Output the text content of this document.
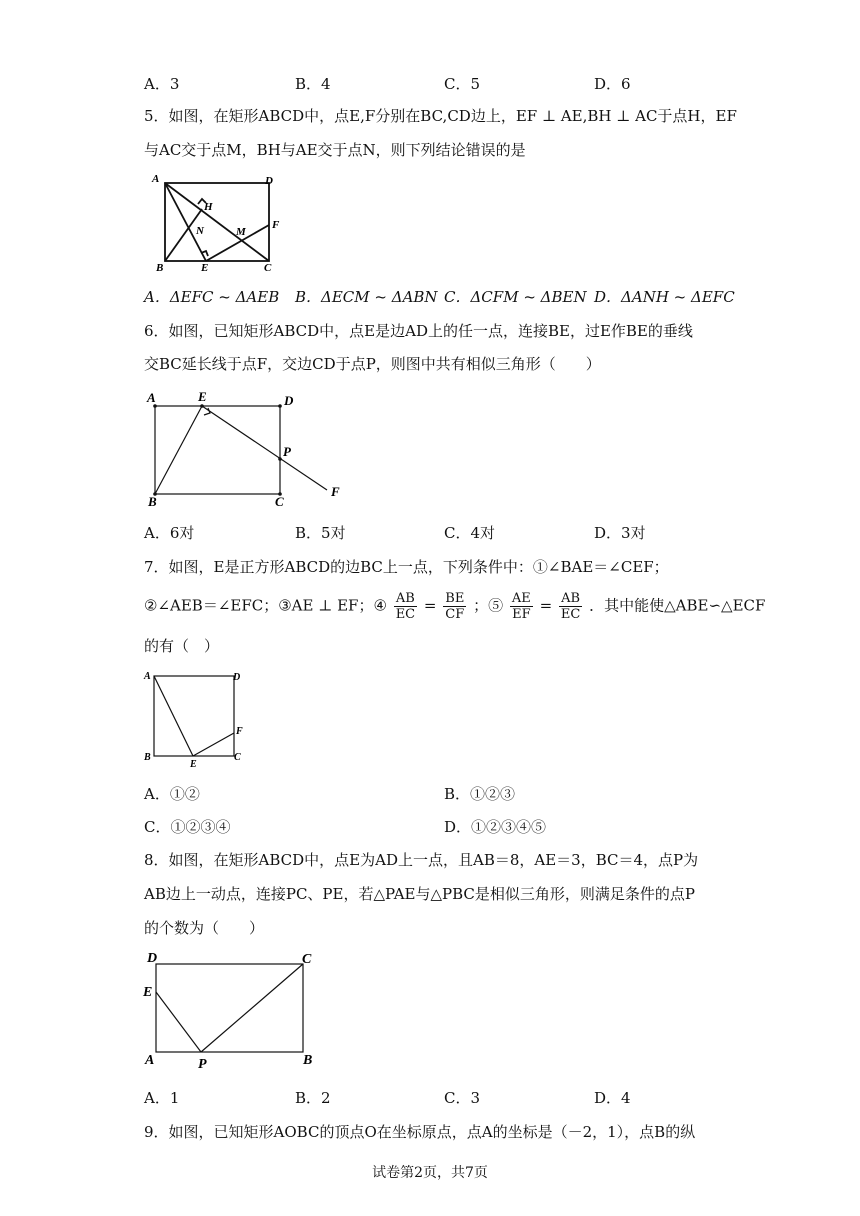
A．3	B．4	C．5	D．6
5．如图，在矩形ABCD中，点E,F分别在BC,CD边上，EF ⊥ AE,BH ⊥ AC于点H，EF
与AC交于点M，BH与AE交于点N，则下列结论错误的是
A	D
H
F
N	M
B	E	C
A．ΔEFC ~ ΔAEB B．ΔECM ~ ΔABN C．ΔCFM ~ ΔBEN D．ΔANH ~ ΔEFC
6．如图，已知矩形ABCD中，点E是边AD上的任一点，连接BE，过E作BE的垂线
交BC延长线于点F，交边CD于点P，则图中共有相似三角形（　　）
A	E	D
P
B	C
F
A．6对	B．5对	C．4对	D．3对
7．如图，E是正方形ABCD的边BC上一点，下列条件中：①∠BAE＝∠CEF；
②∠AEB＝∠EFC；③AE ⊥ EF；④ $\frac{AB}{EC} = \frac{BE}{CF}$ ；⑤ $\frac{AE}{EF} = \frac{AB}{EC}$ ．其中能使△ABE∽△ECF
的有（　）
A	D
F
B
E
C
A．①②	B．①②③
C．①②③④	D．①②③④⑤
8．如图，在矩形ABCD中，点E为AD上一点，且AB＝8，AE＝3，BC＝4，点P为
AB边上一动点，连接PC、PE，若△PAE与△PBC是相似三角形，则满足条件的点P
的个数为（　　）
D	C
E
A	P	B
A．1	B．2	C．3	D．4
9．如图，已知矩形AOBC的顶点O在坐标原点，点A的坐标是（－2，1），点B的纵
试卷第2页，共7页
